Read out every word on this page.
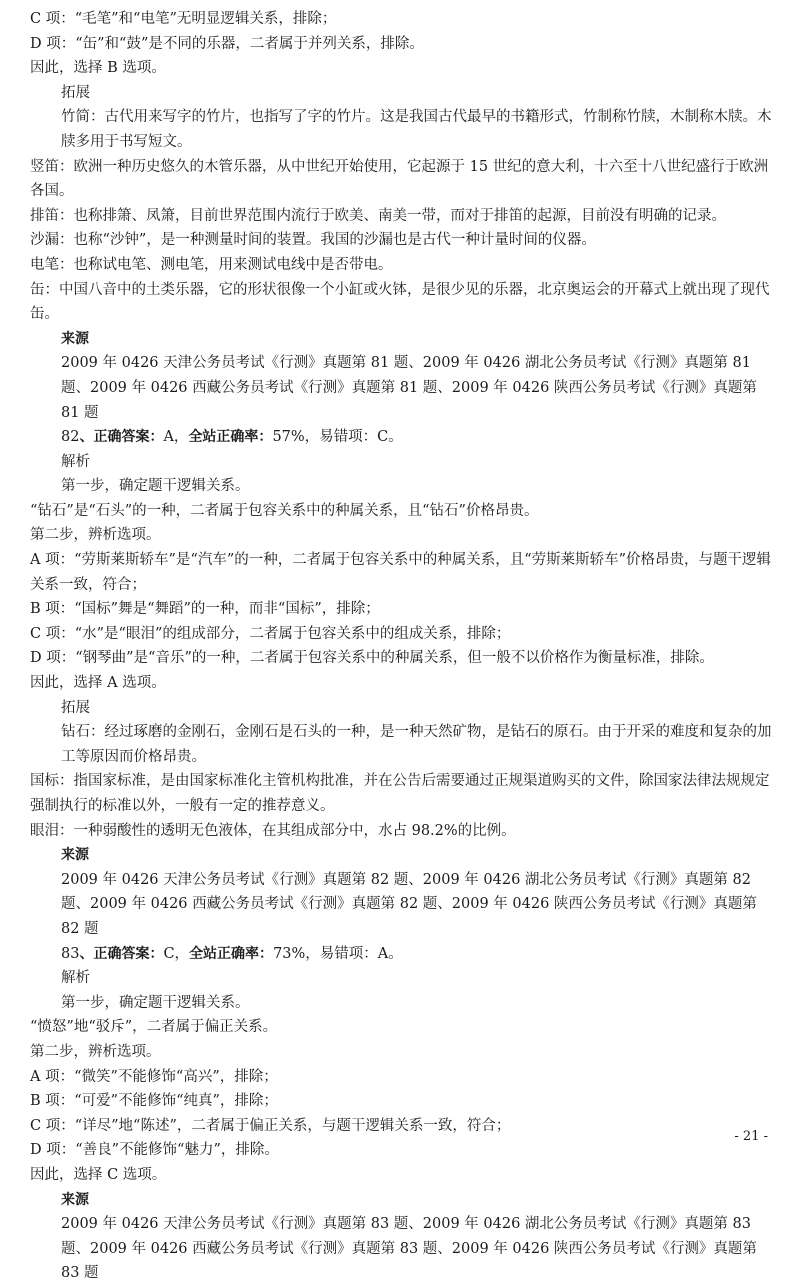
C 项：“毛笔”和“电笔”无明显逻辑关系，排除；
D 项：“缶”和“鼓”是不同的乐器，二者属于并列关系，排除。
因此，选择 B 选项。
拓展
竹简：古代用来写字的竹片，也指写了字的竹片。这是我国古代最早的书籍形式，竹制称竹牍，木制称木牍。木牍多用于书写短文。
竖笛：欧洲一种历史悠久的木管乐器，从中世纪开始使用，它起源于 15 世纪的意大利，十六至十八世纪盛行于欧洲各国。
排笛：也称排箫、凤箫，目前世界范围内流行于欧美、南美一带，而对于排笛的起源，目前没有明确的记录。
沙漏：也称“沙钟”，是一种测量时间的装置。我国的沙漏也是古代一种计量时间的仪器。
电笔：也称试电笔、测电笔，用来测试电线中是否带电。
缶：中国八音中的土类乐器，它的形状很像一个小缸或火钵，是很少见的乐器，北京奥运会的开幕式上就出现了现代缶。
来源
2009 年 0426 天津公务员考试《行测》真题第 81 题、2009 年 0426 湖北公务员考试《行测》真题第 81 题、2009 年 0426 西藏公务员考试《行测》真题第 81 题、2009 年 0426 陕西公务员考试《行测》真题第 81 题
82、正确答案：A，全站正确率：57%，易错项：C。
解析
第一步，确定题干逻辑关系。
“钻石”是“石头”的一种，二者属于包容关系中的种属关系，且“钻石”价格昂贵。
第二步，辨析选项。
A 项：“劳斯莱斯轿车”是“汽车”的一种，二者属于包容关系中的种属关系，且“劳斯莱斯轿车”价格昂贵，与题干逻辑关系一致，符合；
B 项：“国标”舞是“舞蹈”的一种，而非“国标”，排除；
C 项：“水”是“眼泪”的组成部分，二者属于包容关系中的组成关系，排除；
D 项：“钢琴曲”是“音乐”的一种，二者属于包容关系中的种属关系，但一般不以价格作为衡量标准，排除。
因此，选择 A 选项。
拓展
钻石：经过琢磨的金刚石，金刚石是石头的一种，是一种天然矿物，是钻石的原石。由于开采的难度和复杂的加工等原因而价格昂贵。
国标：指国家标准，是由国家标准化主管机构批准，并在公告后需要通过正规渠道购买的文件，除国家法律法规规定强制执行的标准以外，一般有一定的推荐意义。
眼泪：一种弱酸性的透明无色液体，在其组成部分中，水占 98.2%的比例。
来源
2009 年 0426 天津公务员考试《行测》真题第 82 题、2009 年 0426 湖北公务员考试《行测》真题第 82 题、2009 年 0426 西藏公务员考试《行测》真题第 82 题、2009 年 0426 陕西公务员考试《行测》真题第 82 题
83、正确答案：C，全站正确率：73%，易错项：A。
解析
第一步，确定题干逻辑关系。
“愤怒”地“驳斥”，二者属于偏正关系。
第二步，辨析选项。
A 项：“微笑”不能修饰“高兴”，排除；
B 项：“可爱”不能修饰“纯真”，排除；
C 项：“详尽”地“陈述”，二者属于偏正关系，与题干逻辑关系一致，符合；
D 项：“善良”不能修饰“魅力”，排除。
因此，选择 C 选项。
来源
2009 年 0426 天津公务员考试《行测》真题第 83 题、2009 年 0426 湖北公务员考试《行测》真题第 83 题、2009 年 0426 西藏公务员考试《行测》真题第 83 题、2009 年 0426 陕西公务员考试《行测》真题第 83 题
- 21 -
